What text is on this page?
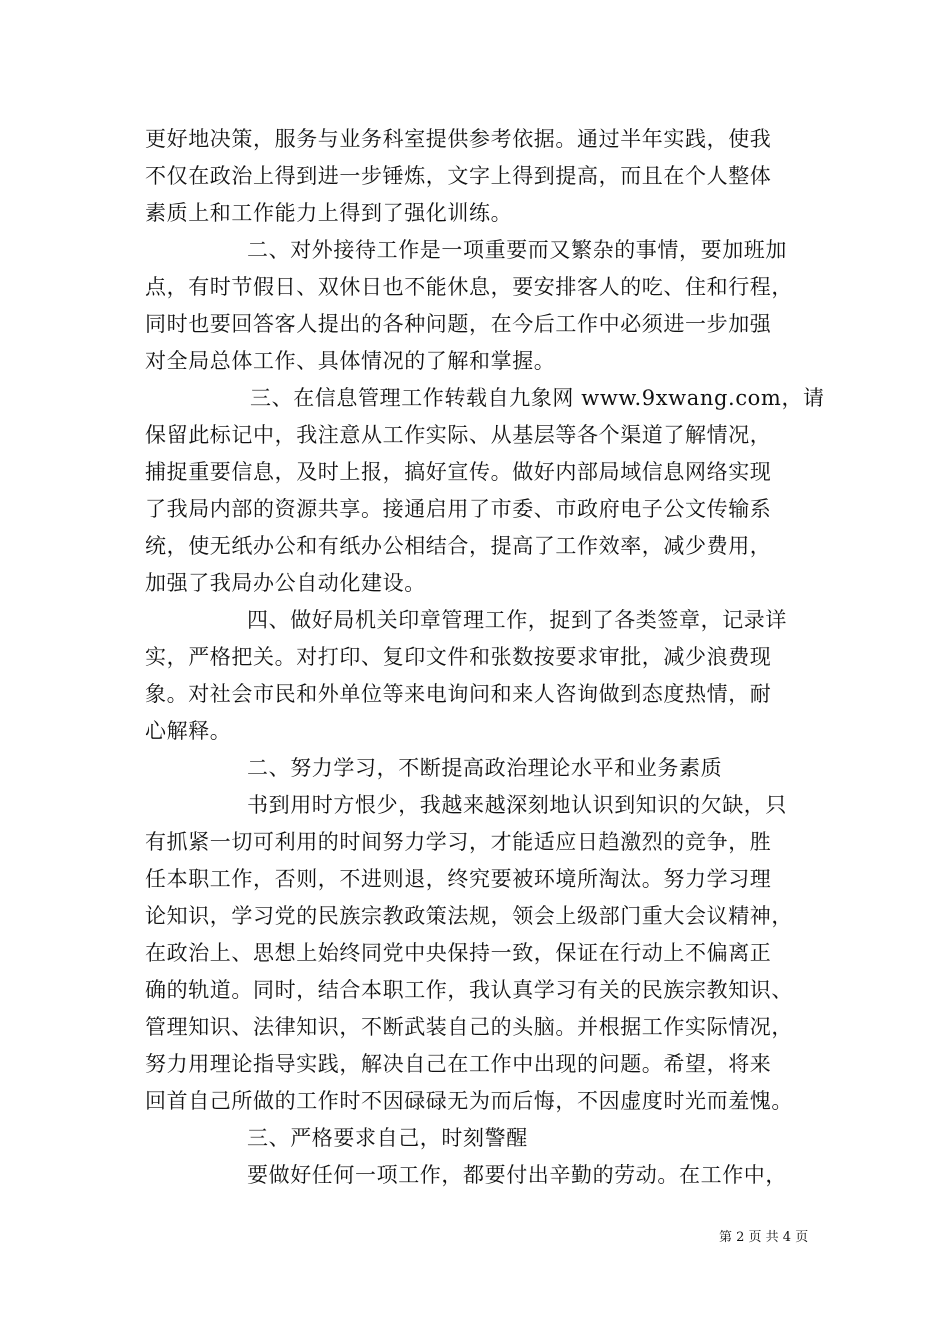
更好地决策，服务与业务科室提供参考依据。通过半年实践，使我
不仅在政治上得到进一步锤炼，文字上得到提高，而且在个人整体
素质上和工作能力上得到了强化训练。
二、对外接待工作是一项重要而又繁杂的事情，要加班加
点，有时节假日、双休日也不能休息，要安排客人的吃、住和行程，
同时也要回答客人提出的各种问题，在今后工作中必须进一步加强
对全局总体工作、具体情况的了解和掌握。
三、在信息管理工作转载自九象网 www.9xwang.com，请
保留此标记中，我注意从工作实际、从基层等各个渠道了解情况，
捕捉重要信息，及时上报，搞好宣传。做好内部局域信息网络实现
了我局内部的资源共享。接通启用了市委、市政府电子公文传输系
统，使无纸办公和有纸办公相结合，提高了工作效率，减少费用，
加强了我局办公自动化建设。
四、做好局机关印章管理工作，捉到了各类签章，记录详
实，严格把关。对打印、复印文件和张数按要求审批，减少浪费现
象。对社会市民和外单位等来电询问和来人咨询做到态度热情，耐
心解释。
二、努力学习，不断提高政治理论水平和业务素质
书到用时方恨少，我越来越深刻地认识到知识的欠缺，只
有抓紧一切可利用的时间努力学习，才能适应日趋激烈的竞争，胜
任本职工作，否则，不进则退，终究要被环境所淘汰。努力学习理
论知识，学习党的民族宗教政策法规，领会上级部门重大会议精神，
在政治上、思想上始终同党中央保持一致，保证在行动上不偏离正
确的轨道。同时，结合本职工作，我认真学习有关的民族宗教知识、
管理知识、法律知识，不断武装自己的头脑。并根据工作实际情况，
努力用理论指导实践，解决自己在工作中出现的问题。希望，将来
回首自己所做的工作时不因碌碌无为而后悔，不因虚度时光而羞愧。
三、严格要求自己，时刻警醒
要做好任何一项工作，都要付出辛勤的劳动。在工作中，
第 2 页 共 4 页
